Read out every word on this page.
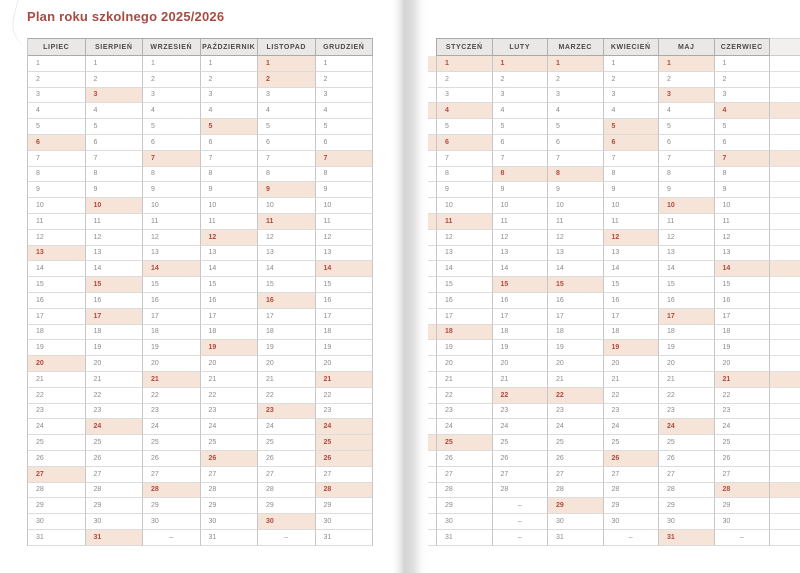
Plan roku szkolnego 2025/2026
LIPIEC	SIERPIEŃ	WRZESIEŃ	PAŹDZIERNIK	LISTOPAD	GRUDZIEŃ
1	1	1	1	1	1
2	2	2	2	2	2
3	3	3	3	3	3
4	4	4	4	4	4
5	5	5	5	5	5
6	6	6	6	6	6
7	7	7	7	7	7
8	8	8	8	8	8
9	9	9	9	9	9
10	10	10	10	10	10
11	11	11	11	11	11
12	12	12	12	12	12
13	13	13	13	13	13
14	14	14	14	14	14
15	15	15	15	15	15
16	16	16	16	16	16
17	17	17	17	17	17
18	18	18	18	18	18
19	19	19	19	19	19
20	20	20	20	20	20
21	21	21	21	21	21
22	22	22	22	22	22
23	23	23	23	23	23
24	24	24	24	24	24
25	25	25	25	25	25
26	26	26	26	26	26
27	27	27	27	27	27
28	28	28	28	28	28
29	29	29	29	29	29
30	30	30	30	30	30
31	31	–	31	–	31
STYCZEŃ	LUTY	MARZEC	KWIECIEŃ	MAJ	CZERWIEC
1	1	1	1	1	1
2	2	2	2	2	2
3	3	3	3	3	3
4	4	4	4	4	4
5	5	5	5	5	5
6	6	6	6	6	6
7	7	7	7	7	7
8	8	8	8	8	8
9	9	9	9	9	9
10	10	10	10	10	10
11	11	11	11	11	11
12	12	12	12	12	12
13	13	13	13	13	13
14	14	14	14	14	14
15	15	15	15	15	15
16	16	16	16	16	16
17	17	17	17	17	17
18	18	18	18	18	18
19	19	19	19	19	19
20	20	20	20	20	20
21	21	21	21	21	21
22	22	22	22	22	22
23	23	23	23	23	23
24	24	24	24	24	24
25	25	25	25	25	25
26	26	26	26	26	26
27	27	27	27	27	27
28	28	28	28	28	28
29	–	29	29	29	29
30	–	30	30	30	30
31	–	31	–	31	–
